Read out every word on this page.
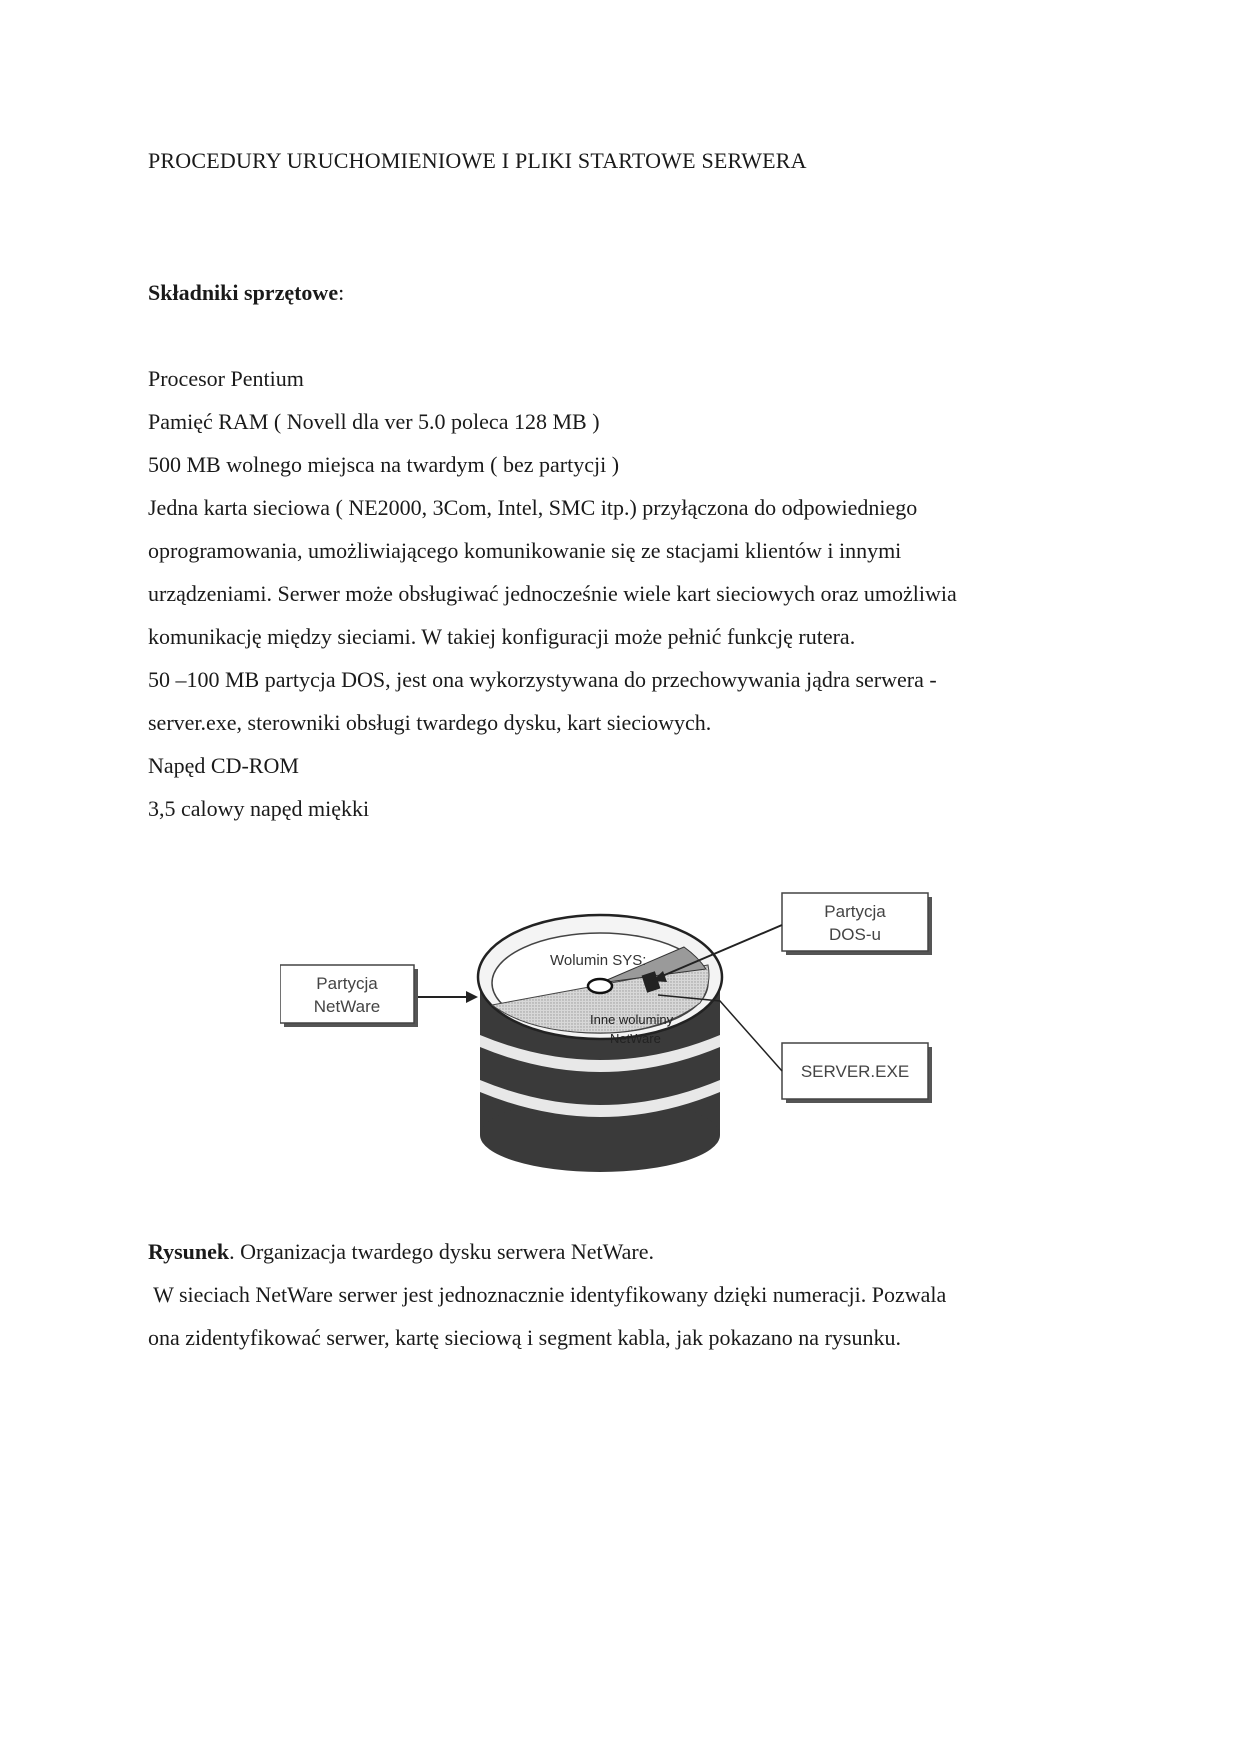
PROCEDURY URUCHOMIENIOWE I PLIKI STARTOWE SERWERA

Składniki sprzętowe:

Procesor Pentium
Pamięć RAM ( Novell dla ver 5.0 poleca 128 MB )
500 MB wolnego miejsca na twardym ( bez partycji )
Jedna karta sieciowa ( NE2000, 3Com, Intel, SMC itp.) przyłączona do odpowiedniego
oprogramowania, umożliwiającego komunikowanie się ze stacjami klientów i innymi
urządzeniami. Serwer może obsługiwać jednocześnie wiele kart sieciowych oraz umożliwia
komunikację między sieciami. W takiej konfiguracji może pełnić funkcję rutera.
50 –100 MB partycja DOS, jest ona wykorzystywana do przechowywania jądra serwera -
server.exe, sterowniki obsługi twardego dysku, kart sieciowych.
Napęd CD-ROM
3,5 calowy napęd miękki
Wolumin SYS:
Inne woluminy
NetWare
Partycja
NetWare
Partycja
DOS-u
SERVER.EXE

Rysunek. Organizacja twardego dysku serwera NetWare.

W sieciach NetWare serwer jest jednoznacznie identyfikowany dzięki numeracji. Pozwala
ona zidentyfikować serwer, kartę sieciową i segment kabla, jak pokazano na rysunku.
